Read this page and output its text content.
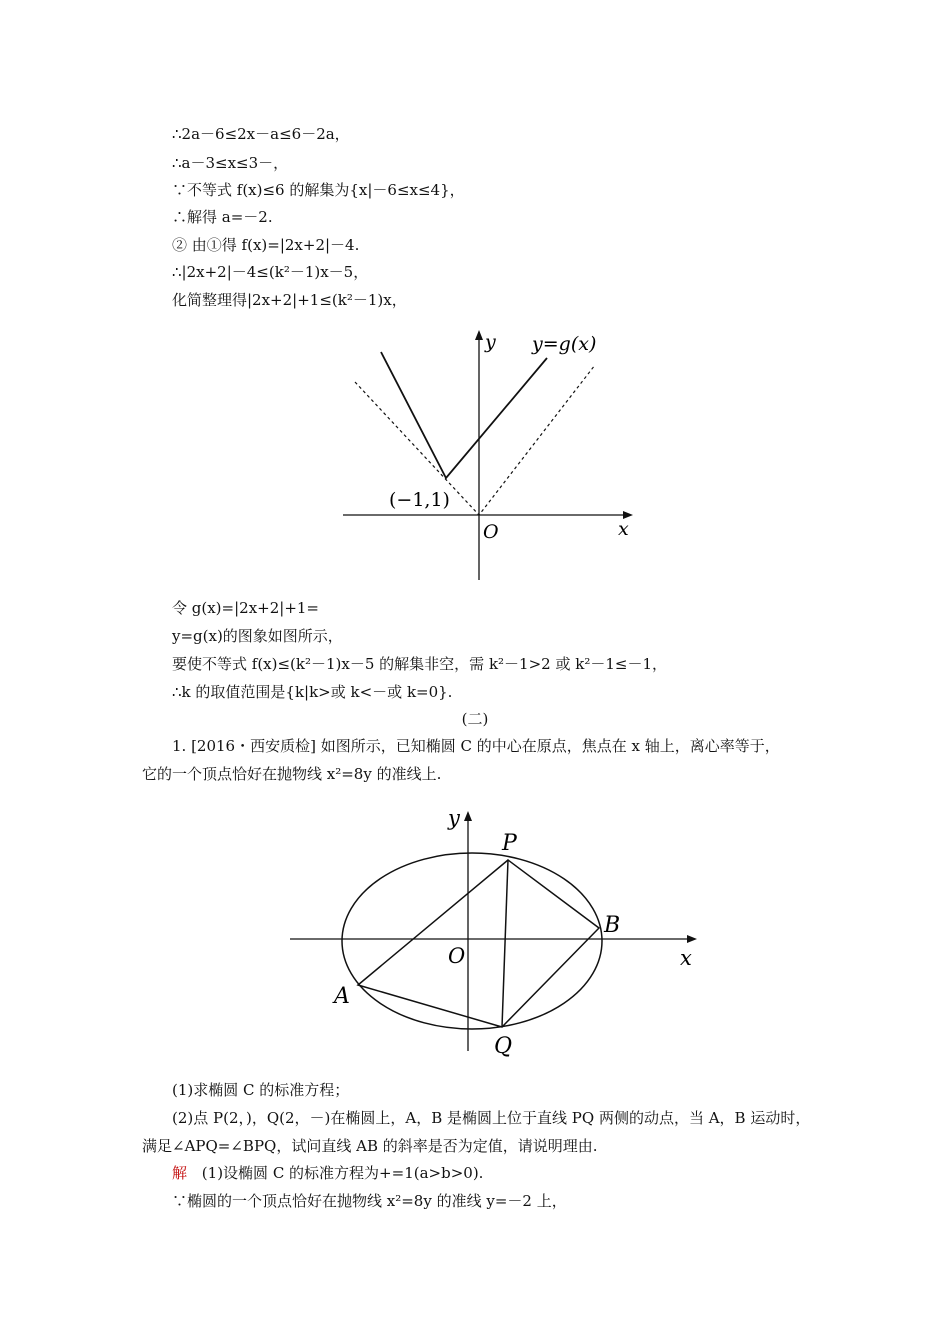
∴2a－6≤2x－a≤6－2a，
∴a－3≤x≤3－，
∵不等式 f(x)≤6 的解集为{x|－6≤x≤4}，
∴解得 a=－2.
② 由①得 f(x)=|2x+2|－4.
∴|2x+2|－4≤(k²－1)x－5，
化简整理得|2x+2|+1≤(k²－1)x，
y
x
O
y=g(x)
(−1,1)
令 g(x)=|2x+2|+1=
y=g(x)的图象如图所示，
要使不等式 f(x)≤(k²－1)x－5 的解集非空，需 k²－1>2 或 k²－1≤－1，
∴k 的取值范围是{k|k>或 k<－或 k=0}.
(二)
1. [2016・西安质检] 如图所示，已知椭圆 C 的中心在原点，焦点在 x 轴上，离心率等于，
它的一个顶点恰好在抛物线 x²=8y 的准线上.
y
x
O
P
Q
A
B
(1)求椭圆 C 的标准方程；
(2)点 P(2，)，Q(2，－)在椭圆上，A，B 是椭圆上位于直线 PQ 两侧的动点，当 A，B 运动时，
满足∠APQ=∠BPQ，试问直线 AB 的斜率是否为定值，请说明理由.
解 (1)设椭圆 C 的标准方程为+=1(a>b>0).
∵椭圆的一个顶点恰好在抛物线 x²=8y 的准线 y=－2 上，
